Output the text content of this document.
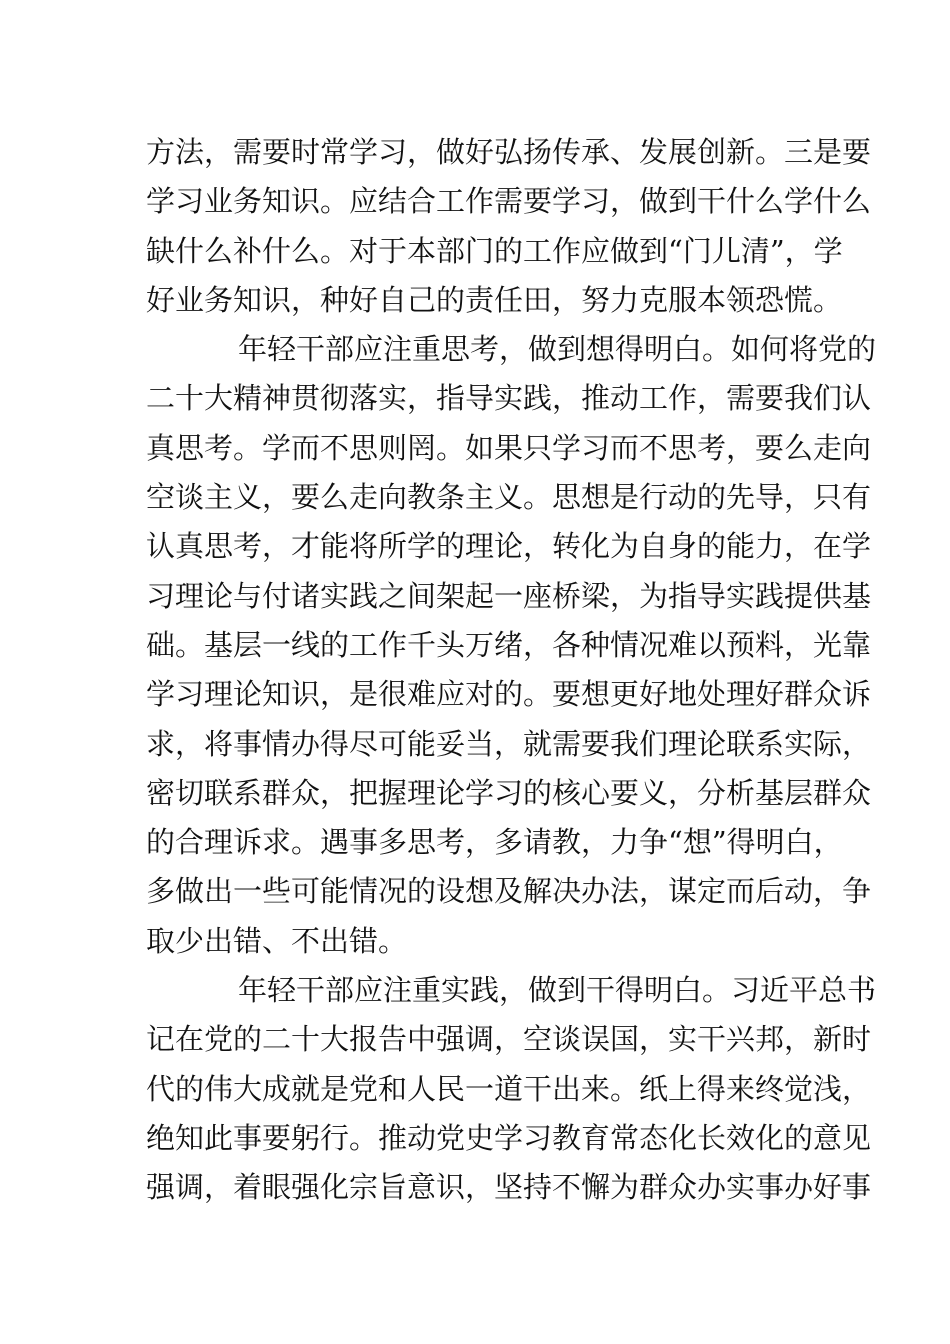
方法，需要时常学习，做好弘扬传承、发展创新。三是要
学习业务知识。应结合工作需要学习，做到干什么学什么
缺什么补什么。对于本部门的工作应做到“门儿清”，学
好业务知识，种好自己的责任田，努力克服本领恐慌。
年轻干部应注重思考，做到想得明白。如何将党的
二十大精神贯彻落实，指导实践，推动工作，需要我们认
真思考。学而不思则罔。如果只学习而不思考，要么走向
空谈主义，要么走向教条主义。思想是行动的先导，只有
认真思考，才能将所学的理论，转化为自身的能力，在学
习理论与付诸实践之间架起一座桥梁，为指导实践提供基
础。基层一线的工作千头万绪，各种情况难以预料，光靠
学习理论知识，是很难应对的。要想更好地处理好群众诉
求，将事情办得尽可能妥当，就需要我们理论联系实际，
密切联系群众，把握理论学习的核心要义，分析基层群众
的合理诉求。遇事多思考，多请教，力争“想”得明白，
多做出一些可能情况的设想及解决办法，谋定而后动，争
取少出错、不出错。
年轻干部应注重实践，做到干得明白。习近平总书
记在党的二十大报告中强调，空谈误国，实干兴邦，新时
代的伟大成就是党和人民一道干出来。纸上得来终觉浅，
绝知此事要躬行。推动党史学习教育常态化长效化的意见
强调，着眼强化宗旨意识，坚持不懈为群众办实事办好事
